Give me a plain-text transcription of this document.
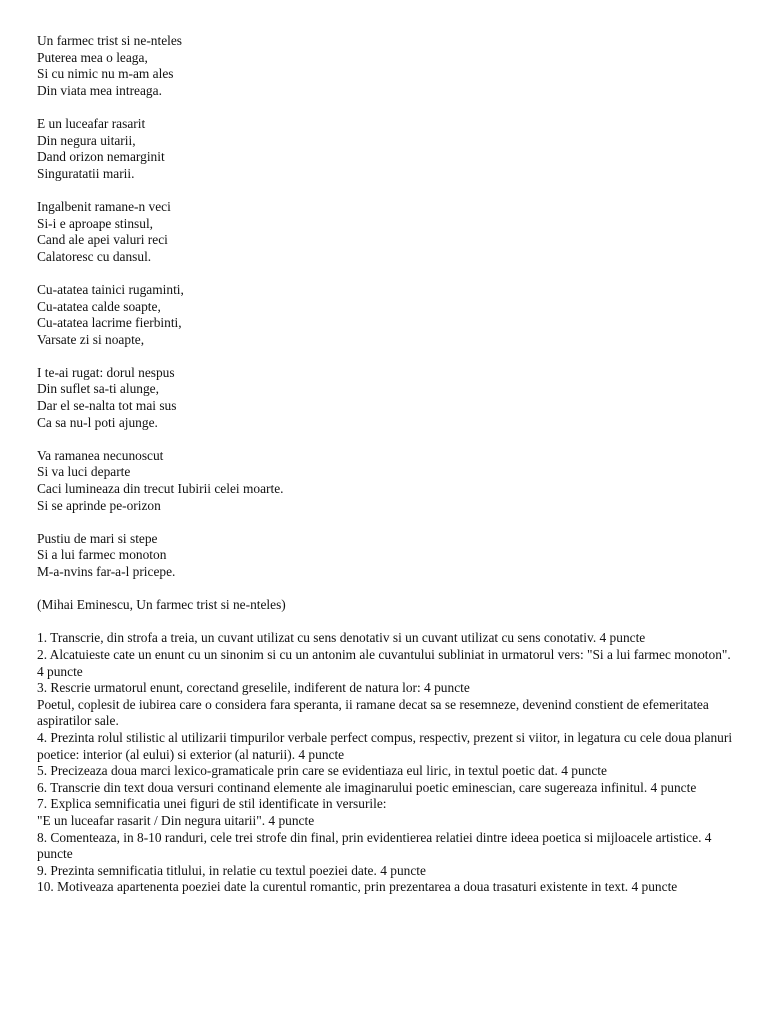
Un farmec trist si ne-nteles
Puterea mea o leaga,
Si cu nimic nu m-am ales
Din viata mea intreaga.
E un luceafar rasarit
Din negura uitarii,
Dand orizon nemarginit
Singuratatii marii.
Ingalbenit ramane-n veci
Si-i e aproape stinsul,
Cand ale apei valuri reci
Calatoresc cu dansul.
Cu-atatea tainici rugaminti,
Cu-atatea calde soapte,
Cu-atatea lacrime fierbinti,
Varsate zi si noapte,
I te-ai rugat: dorul nespus
Din suflet sa-ti alunge,
Dar el se-nalta tot mai sus
Ca sa nu-l poti ajunge.
Va ramanea necunoscut
Si va luci departe
Caci lumineaza din trecut Iubirii celei moarte.
Si se aprinde pe-orizon
Pustiu de mari si stepe
Si a lui farmec monoton
M-a-nvins far-a-l pricepe.
(Mihai Eminescu, Un farmec trist si ne-nteles)
1. Transcrie, din strofa a treia, un cuvant utilizat cu sens denotativ si un cuvant utilizat cu sens conotativ. 4 puncte
2. Alcatuieste cate un enunt cu un sinonim si cu un antonim ale cuvantului subliniat in urmatorul vers: "Si a lui farmec monoton". 4 puncte
3. Rescrie urmatorul enunt, corectand greselile, indiferent de natura lor: 4 puncte
Poetul, coplesit de iubirea care o considera fara speranta, ii ramane decat sa se resemneze, devenind constient de efemeritatea aspiratilor sale.
4. Prezinta rolul stilistic al utilizarii timpurilor verbale perfect compus, respectiv, prezent si viitor, in legatura cu cele doua planuri poetice: interior (al eului) si exterior (al naturii). 4 puncte
5. Precizeaza doua marci lexico-gramaticale prin care se evidentiaza eul liric, in textul poetic dat. 4 puncte
6. Transcrie din text doua versuri continand elemente ale imaginarului poetic eminescian, care sugereaza infinitul. 4 puncte
7. Explica semnificatia unei figuri de stil identificate in versurile:
"E un luceafar rasarit / Din negura uitarii". 4 puncte
8. Comenteaza, in 8-10 randuri, cele trei strofe din final, prin evidentierea relatiei dintre ideea poetica si mijloacele artistice. 4 puncte
9. Prezinta semnificatia titlului, in relatie cu textul poeziei date. 4 puncte
10. Motiveaza apartenenta poeziei date la curentul romantic, prin prezentarea a doua trasaturi existente in text. 4 puncte
